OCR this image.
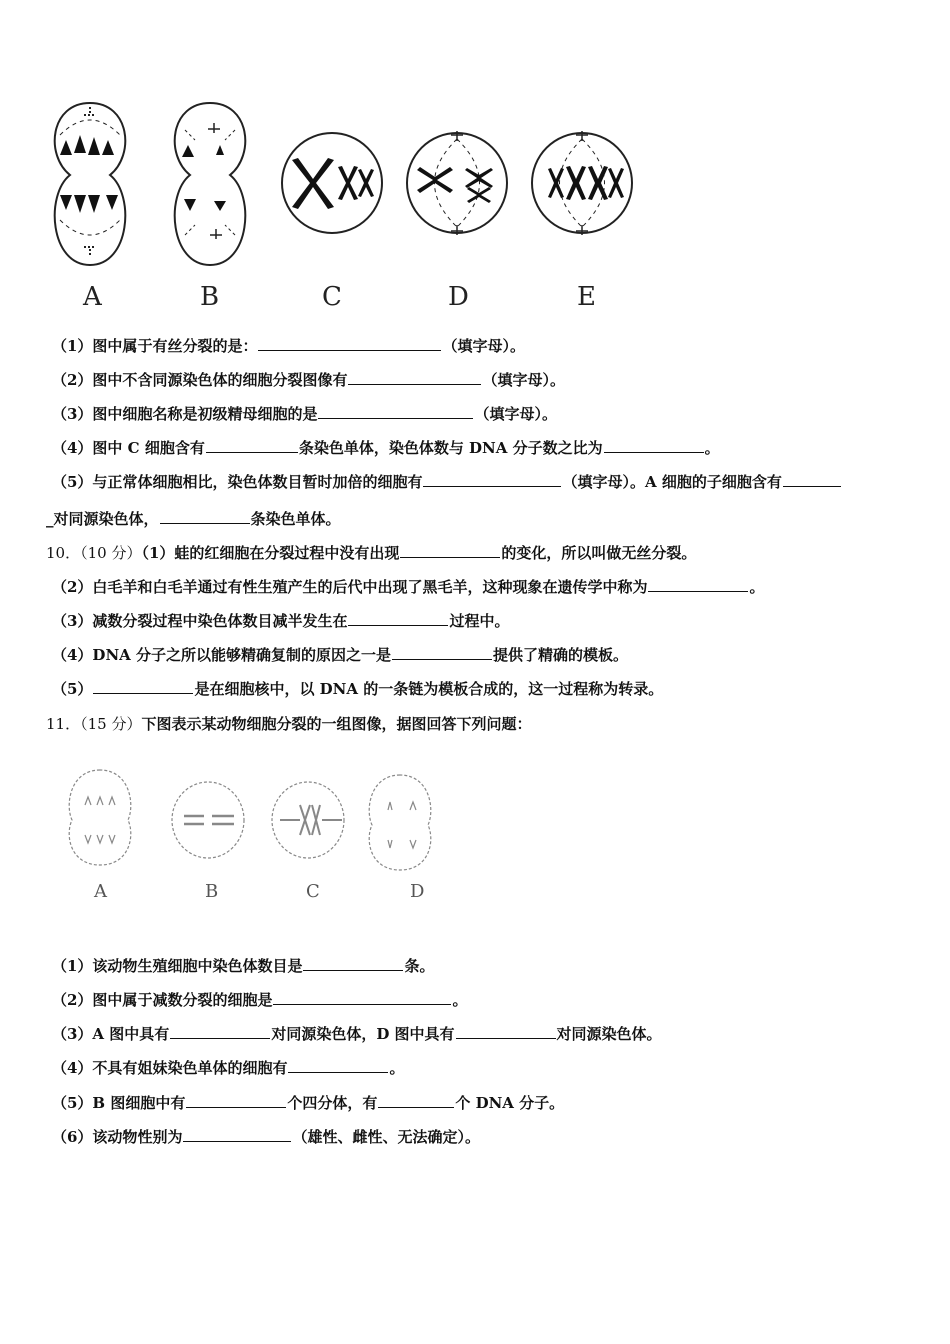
A	B	C	D	E
（1）图中属于有丝分裂的是：	（填字母）。
（2）图中不含同源染色体的细胞分裂图像有	（填字母）。
（3）图中细胞名称是初级精母细胞的是	（填字母）。
（4）图中 C 细胞含有	条染色单体，染色体数与 DNA 分子数之比为	。
（5）与正常体细胞相比，染色体数目暂时加倍的细胞有	（填字母）。A 细胞的子细胞含有
_对同源染色体，	条染色单体。
10．（10 分）（1）蛙的红细胞在分裂过程中没有出现	的变化，所以叫做无丝分裂。
（2）白毛羊和白毛羊通过有性生殖产生的后代中出现了黑毛羊，这种现象在遗传学中称为	。
（3）减数分裂过程中染色体数目减半发生在	过程中。
（4）DNA 分子之所以能够精确复制的原因之一是	提供了精确的模板。
（5）	是在细胞核中，以 DNA 的一条链为模板合成的，这一过程称为转录。
11．（15 分）下图表示某动物细胞分裂的一组图像，据图回答下列问题：
A	B	C	D
（1）该动物生殖细胞中染色体数目是	条。
（2）图中属于减数分裂的细胞是	。
（3）A 图中具有	对同源染色体，D 图中具有	对同源染色体。
（4）不具有姐妹染色单体的细胞有	。
（5）B 图细胞中有	个四分体，有	个 DNA 分子。
（6）该动物性别为	（雄性、雌性、无法确定）。
